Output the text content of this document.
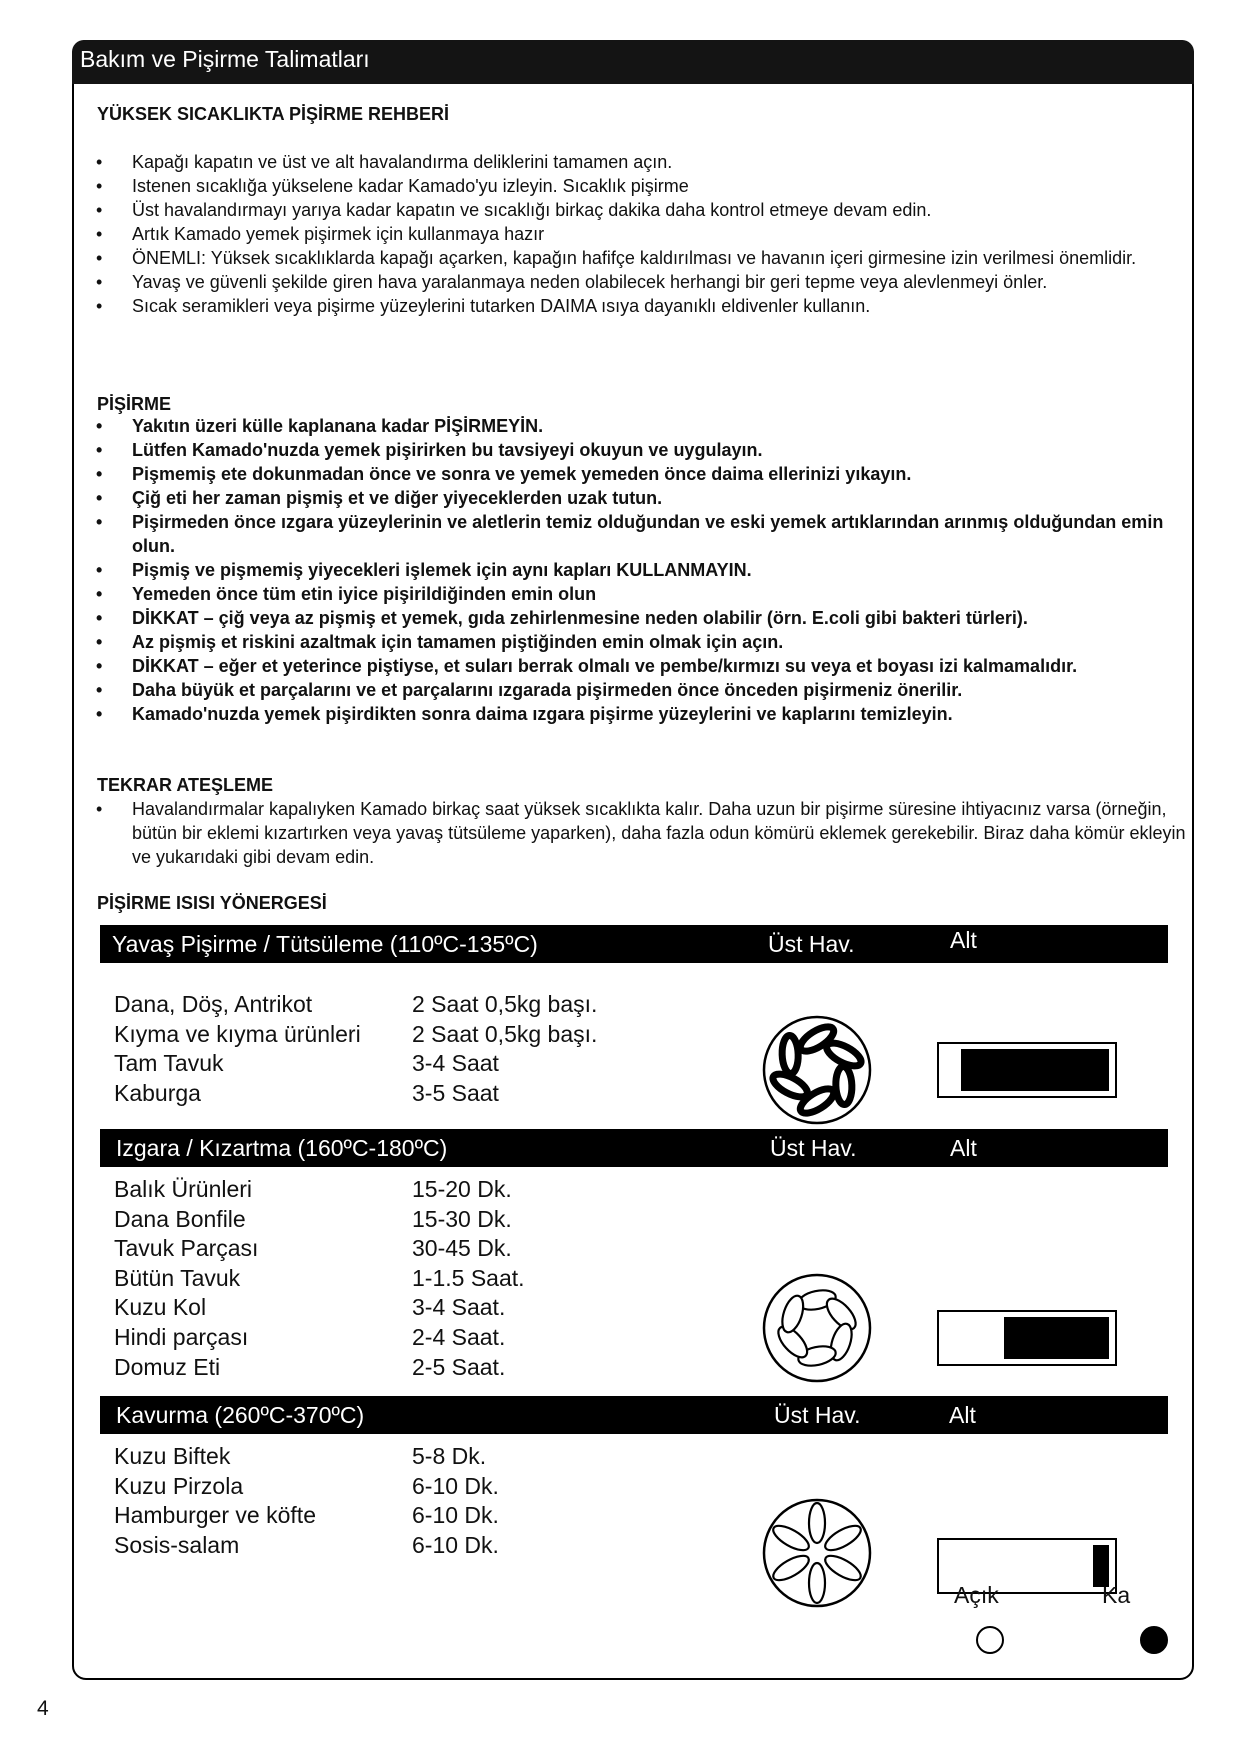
Bakım ve Pişirme Talimatları
YÜKSEK SICAKLIKTA PİŞİRME REHBERİ
• Kapağı kapatın ve üst ve alt havalandırma deliklerini tamamen açın.
• Istenen sıcaklığa yükselene kadar Kamado'yu izleyin. Sıcaklık pişirme
• Üst havalandırmayı yarıya kadar kapatın ve sıcaklığı birkaç dakika daha kontrol etmeye devam edin.
• Artık Kamado yemek pişirmek için kullanmaya hazır
• ÖNEMLI: Yüksek sıcaklıklarda kapağı açarken, kapağın hafifçe kaldırılması ve havanın içeri girmesine izin verilmesi önemlidir.
• Yavaş ve güvenli şekilde giren hava yaralanmaya neden olabilecek herhangi bir geri tepme veya alevlenmeyi önler.
• Sıcak seramikleri veya pişirme yüzeylerini tutarken DAIMA ısıya dayanıklı eldivenler kullanın.
PİŞİRME
• Yakıtın üzeri külle kaplanana kadar PİŞİRMEYİN.
• Lütfen Kamado'nuzda yemek pişirirken bu tavsiyeyi okuyun ve uygulayın.
• Pişmemiş ete dokunmadan önce ve sonra ve yemek yemeden önce daima ellerinizi yıkayın.
• Çiğ eti her zaman pişmiş et ve diğer yiyeceklerden uzak tutun.
• Pişirmeden önce ızgara yüzeylerinin ve aletlerin temiz olduğundan ve eski yemek artıklarından arınmış olduğundan emin olun.
• Pişmiş ve pişmemiş yiyecekleri işlemek için aynı kapları KULLANMAYIN.
• Yemeden önce tüm etin iyice pişirildiğinden emin olun
• DİKKAT – çiğ veya az pişmiş et yemek, gıda zehirlenmesine neden olabilir (örn. E.coli gibi bakteri türleri).
• Az pişmiş et riskini azaltmak için tamamen piştiğinden emin olmak için açın.
• DİKKAT – eğer et yeterince piştiyse, et suları berrak olmalı ve pembe/kırmızı su veya et boyası izi kalmamalıdır.
• Daha büyük et parçalarını ve et parçalarını ızgarada pişirmeden önce önceden pişirmeniz önerilir.
• Kamado'nuzda yemek pişirdikten sonra daima ızgara pişirme yüzeylerini ve kaplarını temizleyin.
TEKRAR ATEŞLEME
• Havalandırmalar kapalıyken Kamado birkaç saat yüksek sıcaklıkta kalır. Daha uzun bir pişirme süresine ihtiyacınız varsa (örneğin, bütün bir eklemi kızartırken veya yavaş tütsüleme yaparken), daha fazla odun kömürü eklemek gerekebilir. Biraz daha kömür ekleyin ve yukarıdaki gibi devam edin.
PİŞİRME ISISI YÖNERGESİ
Yavaş Pişirme / Tütsüleme (110ºC-135ºC)	Üst Hav.	Alt
Dana, Döş, Antrikot	2 Saat 0,5kg başı.
Kıyma ve kıyma ürünleri 2 Saat 0,5kg başı.
Tam Tavuk	3-4 Saat
Kaburga	3-5 Saat
Izgara / Kızartma (160ºC-180ºC)	Üst Hav.	Alt
Balık Ürünleri	15-20 Dk.
Dana Bonfile	15-30 Dk.
Tavuk Parçası	30-45 Dk.
Bütün Tavuk	1-1.5 Saat.
Kuzu Kol	3-4 Saat.
Hindi parçası	2-4 Saat.
Domuz Eti	2-5 Saat.
Kavurma (260ºC-370ºC)	Üst Hav.	Alt
Kuzu Biftek	5-8 Dk.
Kuzu Pirzola	6-10 Dk.
Hamburger ve köfte	6-10 Dk.
Sosis-salam	6-10 Dk.
Açık	Ka
4
